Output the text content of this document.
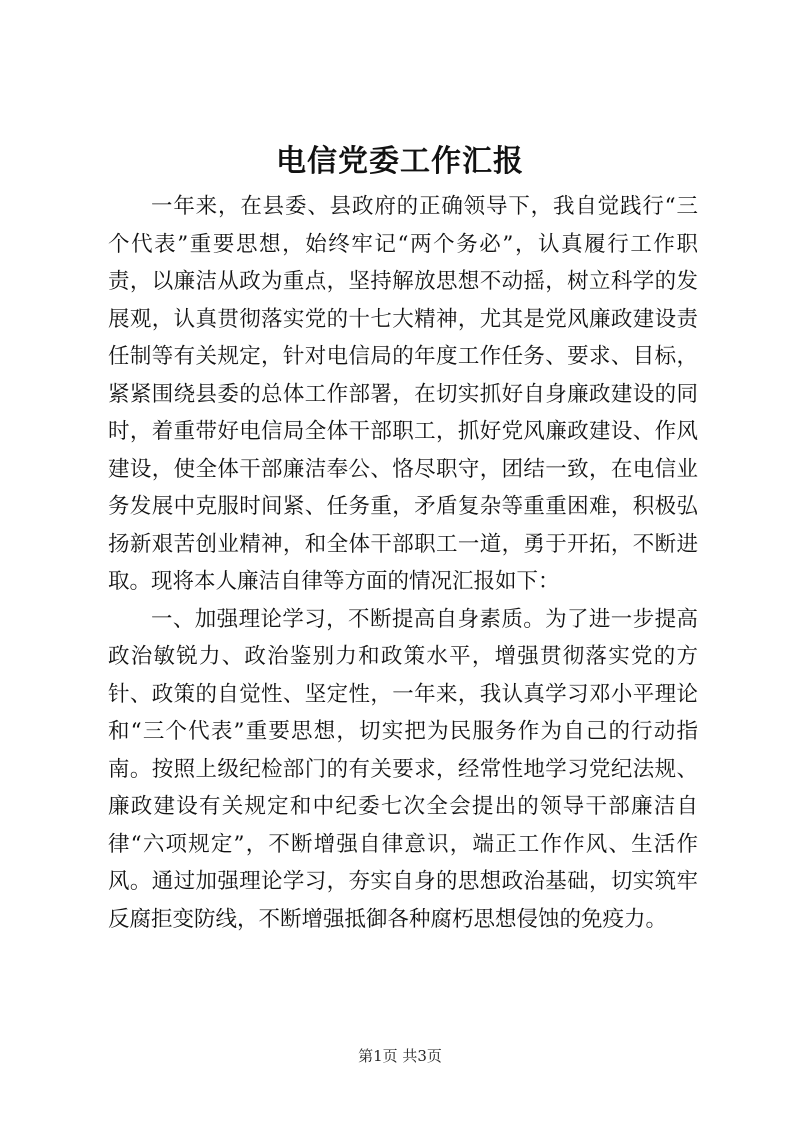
电信党委工作汇报

一年来，在县委、县政府的正确领导下，我自觉践行“三个代表”重要思想，始终牢记“两个务必”，认真履行工作职责，以廉洁从政为重点，坚持解放思想不动摇，树立科学的发展观，认真贯彻落实党的十七大精神，尤其是党风廉政建设责任制等有关规定，针对电信局的年度工作任务、要求、目标，紧紧围绕县委的总体工作部署，在切实抓好自身廉政建设的同时，着重带好电信局全体干部职工，抓好党风廉政建设、作风建设，使全体干部廉洁奉公、恪尽职守，团结一致，在电信业务发展中克服时间紧、任务重，矛盾复杂等重重困难，积极弘扬新艰苦创业精神，和全体干部职工一道，勇于开拓，不断进取。现将本人廉洁自律等方面的情况汇报如下：

一、加强理论学习，不断提高自身素质。为了进一步提高政治敏锐力、政治鉴别力和政策水平，增强贯彻落实党的方针、政策的自觉性、坚定性，一年来，我认真学习邓小平理论和“三个代表”重要思想，切实把为民服务作为自己的行动指南。按照上级纪检部门的有关要求，经常性地学习党纪法规、廉政建设有关规定和中纪委七次全会提出的领导干部廉洁自律“六项规定”，不断增强自律意识，端正工作作风、生活作风。通过加强理论学习，夯实自身的思想政治基础，切实筑牢反腐拒变防线，不断增强抵御各种腐朽思想侵蚀的免疫力。

第1页 共3页
